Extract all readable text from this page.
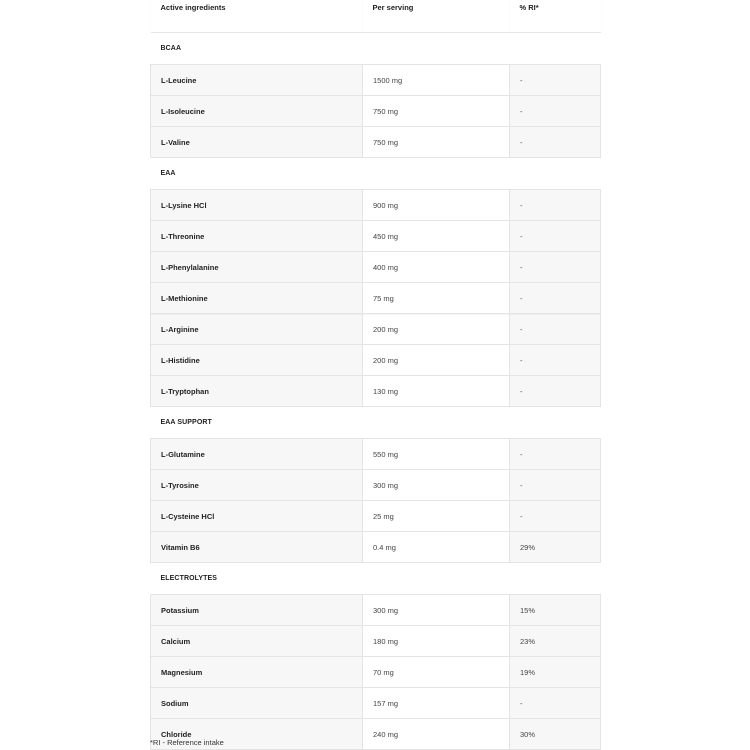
Active ingredients	Per serving	% RI*
BCAA		
L-Leucine	1500 mg	-
L-Isoleucine	750 mg	-
L-Valine	750 mg	-
EAA		
L-Lysine HCl	900 mg	-
L-Threonine	450 mg	-
L-Phenylalanine	400 mg	-
L-Methionine	75 mg	-
L-Arginine	200 mg	-
L-Histidine	200 mg	-
L-Tryptophan	130 mg	-
EAA SUPPORT		
L-Glutamine	550 mg	-
L-Tyrosine	300 mg	-
L-Cysteine HCl	25 mg	-
Vitamin B6	0.4 mg	29%
ELECTROLYTES		
Potassium	300 mg	15%
Calcium	180 mg	23%
Magnesium	70 mg	19%
Sodium	157 mg	-
Chloride	240 mg	30%
*RI - Reference intake
